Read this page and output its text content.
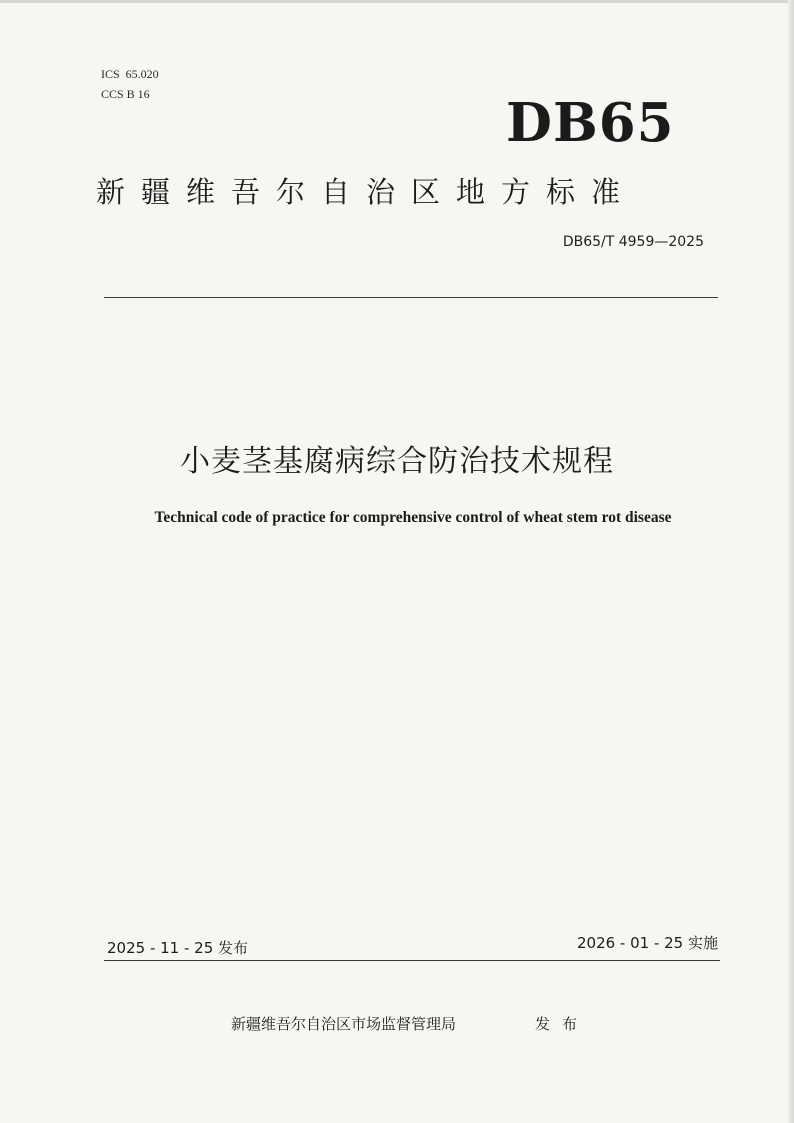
ICS  65.020
CCS B 16	DB65
新疆维吾尔自治区地方标准
DB65/T 4959—2025
小麦茎基腐病综合防治技术规程
Technical code of practice for comprehensive control of wheat stem rot disease
2025 - 11 - 25 发布	2026 - 01 - 25 实施
新疆维吾尔自治区市场监督管理局	发布
